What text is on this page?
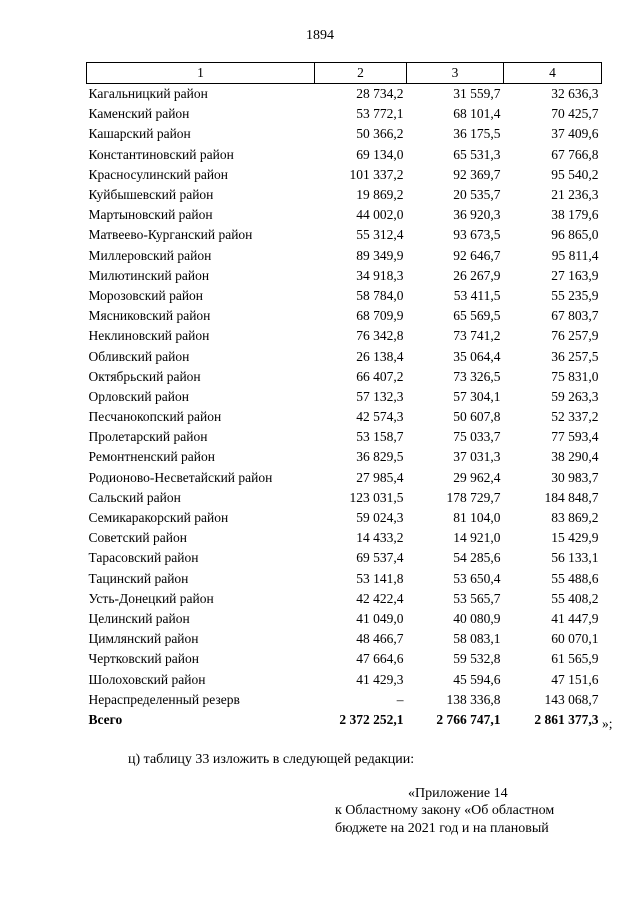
1894
1	2	3	4
Кагальницкий район	28 734,2	31 559,7	32 636,3
Каменский район	53 772,1	68 101,4	70 425,7
Кашарский район	50 366,2	36 175,5	37 409,6
Константиновский район	69 134,0	65 531,3	67 766,8
Красносулинский район	101 337,2	92 369,7	95 540,2
Куйбышевский район	19 869,2	20 535,7	21 236,3
Мартыновский район	44 002,0	36 920,3	38 179,6
Матвеево-Курганский район	55 312,4	93 673,5	96 865,0
Миллеровский район	89 349,9	92 646,7	95 811,4
Милютинский район	34 918,3	26 267,9	27 163,9
Морозовский район	58 784,0	53 411,5	55 235,9
Мясниковский район	68 709,9	65 569,5	67 803,7
Неклиновский район	76 342,8	73 741,2	76 257,9
Обливский район	26 138,4	35 064,4	36 257,5
Октябрьский район	66 407,2	73 326,5	75 831,0
Орловский район	57 132,3	57 304,1	59 263,3
Песчанокопский район	42 574,3	50 607,8	52 337,2
Пролетарский район	53 158,7	75 033,7	77 593,4
Ремонтненский район	36 829,5	37 031,3	38 290,4
Родионово-Несветайский район	27 985,4	29 962,4	30 983,7
Сальский район	123 031,5	178 729,7	184 848,7
Семикаракорский район	59 024,3	81 104,0	83 869,2
Советский район	14 433,2	14 921,0	15 429,9
Тарасовский район	69 537,4	54 285,6	56 133,1
Тацинский район	53 141,8	53 650,4	55 488,6
Усть-Донецкий район	42 422,4	53 565,7	55 408,2
Целинский район	41 049,0	40 080,9	41 447,9
Цимлянский район	48 466,7	58 083,1	60 070,1
Чертковский район	47 664,6	59 532,8	61 565,9
Шолоховский район	41 429,3	45 594,6	47 151,6
Нераспределенный резерв	–	138 336,8	143 068,7
Всего	2 372 252,1	2 766 747,1	2 861 377,3 »;
ц) таблицу 33 изложить в следующей редакции:
«Приложение 14
к Областному закону «Об областном бюджете на 2021 год и на плановый
